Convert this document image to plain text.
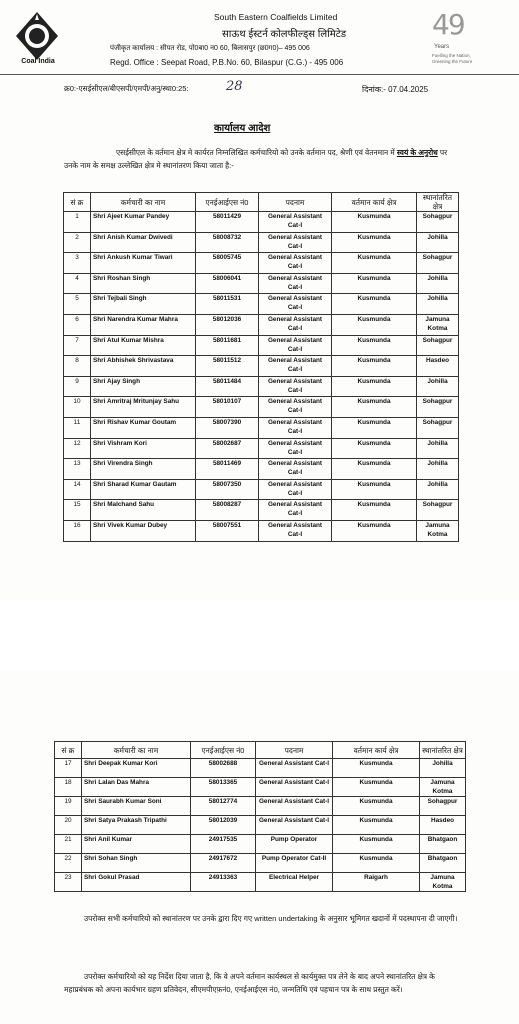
Coal India
South Eastern Coalfields Limited
साऊथ ईस्टर्न कोलफील्ड्स लिमिटेड
पंजीकृत कार्यालय : सीपत रोड, पो0बा0 न0 60, बिलासपुर (छ0ग0)– 495 006
Regd. Office : Seepat Road, P.B.No. 60, Bilaspur (C.G.) - 495 006
49
Years
Fuelling the Nation,
Greening the Future
क्र0:-एसईसीएल/बीएसपी/एमपी/अनु/स्था0:25:	28	दिनांक:- 07.04.2025
कार्यालय आदेश
एसईसीएल के वर्तमान क्षेत्र मे कार्यरत निम्नलिखित कर्मचारियो को उनके वर्तमान पद, श्रेणी एवं वेतनमान में स्वयं के अनुरोध पर उनके नाम के समक्ष उल्लेखित क्षेत्र मे स्थानांतरण किया जाता है:-
सं क्र	कर्मचारी का नाम	एनईआईएस नं0	पदनाम	वर्तमान कार्य क्षेत्र	स्थानांतरित क्षेत्र
1	Shri Ajeet Kumar Pandey	58011429	General Assistant Cat-I	Kusmunda	Sohagpur
2	Shri Anish Kumar Dwivedi	58008732	General Assistant Cat-I	Kusmunda	Johilla
3	Shri Ankush Kumar Tiwari	58005745	General Assistant Cat-I	Kusmunda	Sohagpur
4	Shri Roshan Singh	58006041	General Assistant Cat-I	Kusmunda	Johilla
5	Shri Tejbali Singh	58011531	General Assistant Cat-I	Kusmunda	Johilla
6	Shri Narendra Kumar Mahra	58012036	General Assistant Cat-I	Kusmunda	Jamuna Kotma
7	Shri Atul Kumar Mishra	58011681	General Assistant Cat-I	Kusmunda	Sohagpur
8	Shri Abhishek Shrivastava	58011512	General Assistant Cat-I	Kusmunda	Hasdeo
9	Shri Ajay Singh	58011484	General Assistant Cat-I	Kusmunda	Johilla
10	Shri Amritraj Mritunjay Sahu	58010107	General Assistant Cat-I	Kusmunda	Sohagpur
11	Shri Rishav Kumar Goutam	58007390	General Assistant Cat-I	Kusmunda	Sohagpur
12	Shri Vishram Kori	58002687	General Assistant Cat-I	Kusmunda	Johilla
13	Shri Virendra Singh	58011469	General Assistant Cat-I	Kusmunda	Johilla
14	Shri Sharad Kumar Gautam	58007350	General Assistant Cat-I	Kusmunda	Johilla
15	Shri Malchand Sahu	58008287	General Assistant Cat-I	Kusmunda	Sohagpur
16	Shri Vivek Kumar Dubey	58007551	General Assistant Cat-I	Kusmunda	Jamuna Kotma
सं क्र	कर्मचारी का नाम	एनईआईएस नं0	पदनाम	वर्तमान कार्य क्षेत्र	स्थानांतरित क्षेत्र
17	Shri Deepak Kumar Kori	58002688	General Assistant Cat-I	Kusmunda	Johilla
18	Shri Lalan Das Mahra	58013365	General Assistant Cat-I	Kusmunda	Jamuna Kotma
19	Shri Saurabh Kumar Soni	58012774	General Assistant Cat-I	Kusmunda	Sohagpur
20	Shri Satya Prakash Tripathi	58012039	General Assistant Cat-I	Kusmunda	Hasdeo
21	Shri Anil Kumar	24917535	Pump Operator	Kusmunda	Bhatgaon
22	Shri Sohan Singh	24917672	Pump Operator Cat-II	Kusmunda	Bhatgaon
23	Shri Gokul Prasad	24913363	Electrical Helper	Raigarh	Jamuna Kotma
उपरोक्त सभी कर्मचारियो को स्थानांतरण पर उनके द्वारा दिए गए written undertaking के अनुसार भूमिगत खदानों में पदस्थापना दी जाएगी।
उपरोक्त कर्मचारियो को यह निर्देश दिया जाता है, कि वे अपने वर्तमान कार्यस्थल से कार्यमुक्त पत्र लेने के बाद अपने स्थानांतरित क्षेत्र के महाप्रबंधक को अपना कार्यभार ग्रहण प्रतिवेदन, सीएमपीएफ़नं0, एनईआईएस नं0, जन्मतिथि एवं पहचान पत्र के साथ प्रस्तुत करें।
